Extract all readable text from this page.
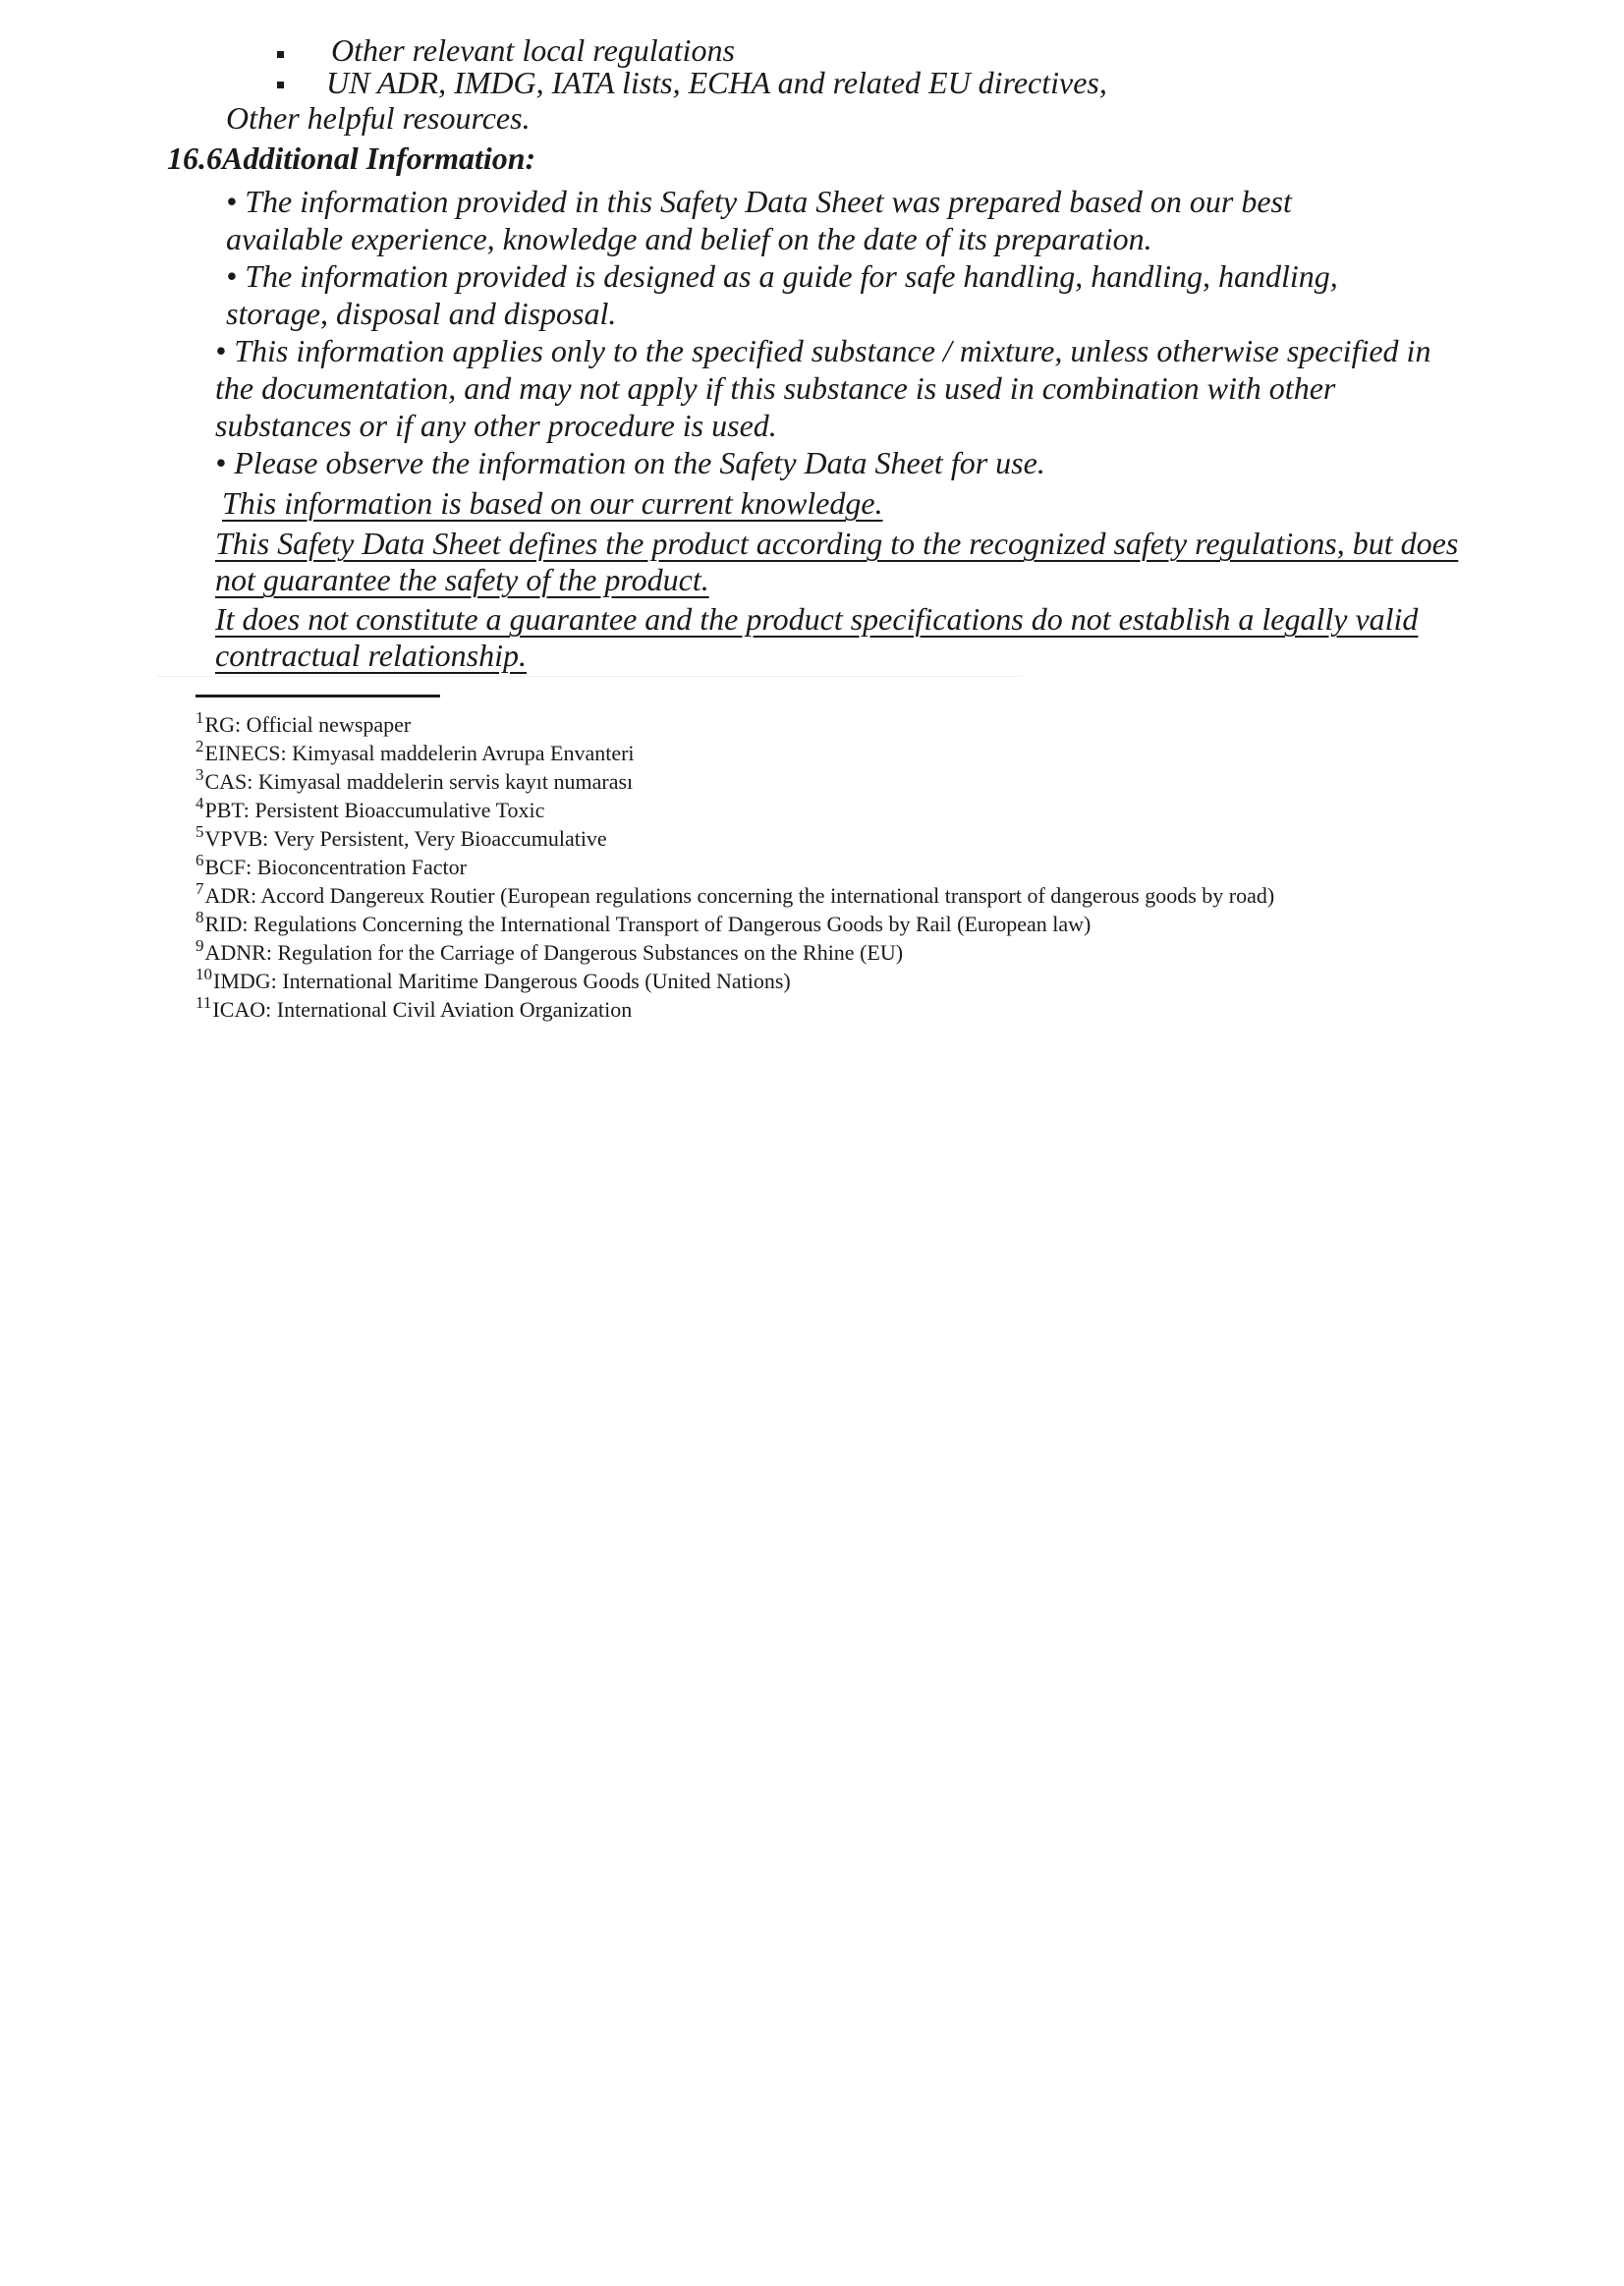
Other relevant local regulations
UN ADR, IMDG, IATA lists, ECHA and related EU directives,
Other helpful resources.
16.6Additional Information:
• The information provided in this Safety Data Sheet was prepared based on our best
available experience, knowledge and belief on the date of its preparation.
• The information provided is designed as a guide for safe handling, handling, handling,
storage, disposal and disposal.
• This information applies only to the specified substance / mixture, unless otherwise specified in
the documentation, and may not apply if this substance is used in combination with other
substances or if any other procedure is used.
• Please observe the information on the Safety Data Sheet for use.
This information is based on our current knowledge.
This Safety Data Sheet defines the product according to the recognized safety regulations, but does
not guarantee the safety of the product.
It does not constitute a guarantee and the product specifications do not establish a legally valid
contractual relationship.
$^1$RG: Official newspaper
$^2$EINECS: Kimyasal maddelerin Avrupa Envanteri
$^3$CAS: Kimyasal maddelerin servis kayıt numarası
$^4$PBT: Persistent Bioaccumulative Toxic
$^5$VPVB: Very Persistent, Very Bioaccumulative
$^6$BCF: Bioconcentration Factor
$^7$ADR: Accord Dangereux Routier (European regulations concerning the international transport of dangerous goods by road)
$^8$RID: Regulations Concerning the International Transport of Dangerous Goods by Rail (European law)
$^9$ADNR: Regulation for the Carriage of Dangerous Substances on the Rhine (EU)
$^{10}$IMDG: International Maritime Dangerous Goods (United Nations)
$^{11}$ICAO: International Civil Aviation Organization
